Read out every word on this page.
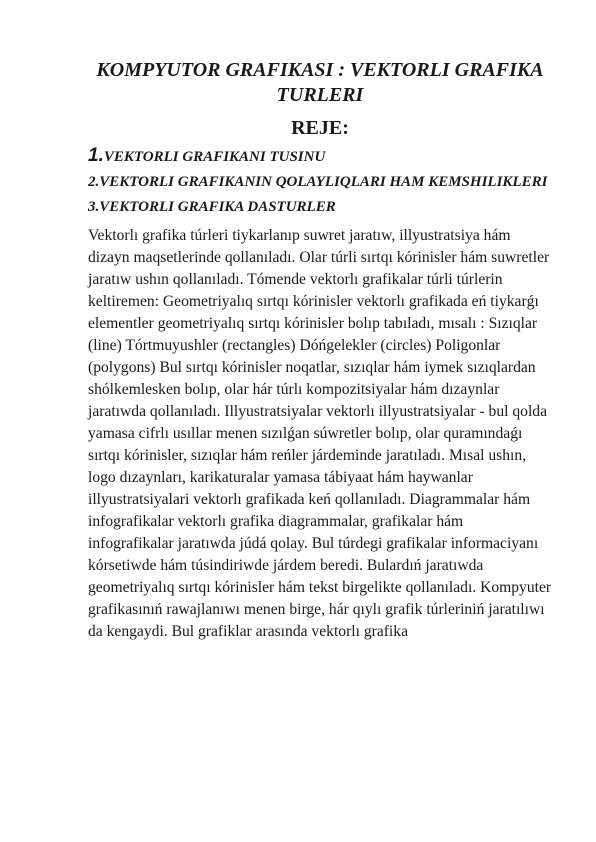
KOMPYUTOR GRAFIKASI : VEKTORLI GRAFIKA TURLERI
REJE:
1.VEKTORLI GRAFIKANI TUSINU
2.VEKTORLI GRAFIKANIN QOLAYLIQLARI HAM KEMSHILIKLERI
3.VEKTORLI GRAFIKA DASTURLER

Vektorlı grafika túrleri tiykarlanıp suwret jaratıw, illyustratsiya hám dizayn maqsetlerinde qollanıladı. Olar túrli sırtqı kórinisler hám suwretler jaratıw ushın qollanıladı. Tómende vektorlı grafikalar túrli túrlerin keltiremen: Geometriyalıq sırtqı kórinisler vektorlı grafikada eń tiykarǵı elementler geometriyalıq sırtqı kórinisler bolıp tabıladı, mısalı : Sızıqlar (line) Tórtmuyushler (rectangles) Dóńgelekler (circles) Poligonlar (polygons) Bul sırtqı kórinisler noqatlar, sızıqlar hám iymek sızıqlardan shólkemlesken bolıp, olar hár túrlı kompozitsiyalar hám dızaynlar jaratıwda qollanıladı. Illyustratsiyalar vektorlı illyustratsiyalar - bul qolda yamasa cifrlı usıllar menen sızılǵan súwretler bolıp, olar quramındaǵı sırtqı kórinisler, sızıqlar hám reńler járdeminde jaratıladı. Mısal ushın, logo dızaynları, karikaturalar yamasa tábiyaat hám haywanlar illyustratsiyalari vektorlı grafikada keń qollanıladı. Diagrammalar hám infografikalar vektorlı grafika diagrammalar, grafikalar hám infografikalar jaratıwda júdá qolay. Bul túrdegi grafikalar informaciyanı kórsetiwde hám túsindiriwde járdem beredi. Bulardıń jaratıwda geometriyalıq sırtqı kórinisler hám tekst birgelikte qollanıladı. Kompyuter grafikasınıń rawajlanıwı menen birge, hár qıylı grafik túrleriniń jaratılıwı da kengaydi. Bul grafiklar arasında vektorlı grafika
